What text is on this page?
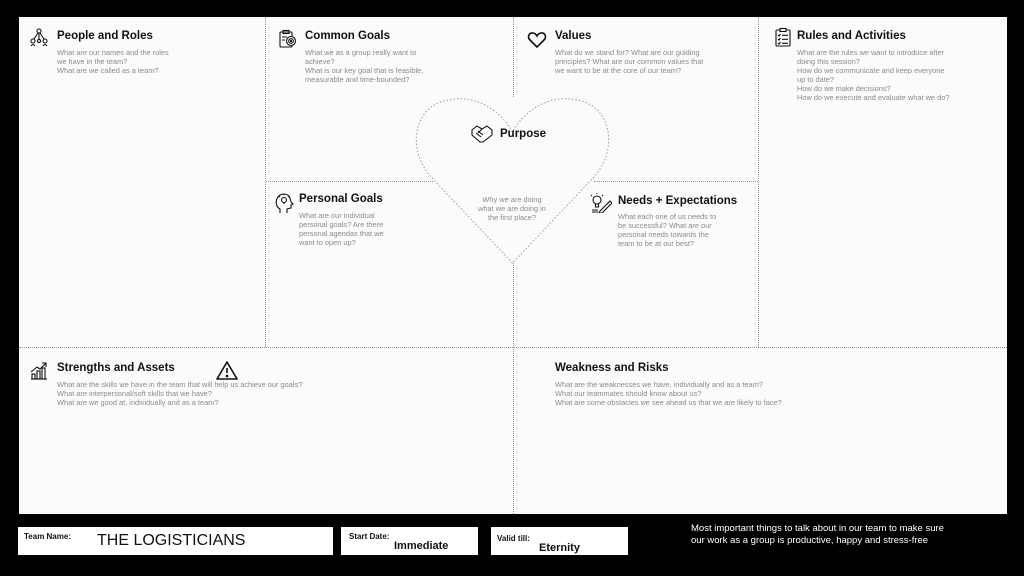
People and Roles
What are our names and the roles
we have in the team?
What are we called as a team?
Common Goals
What we as a group really want to
achieve?
What is our key goal that is feasible,
measurable and time-bounded?
Values
What do we stand for? What are our guiding
principles? What are our common values that
we want to be at the core of our team?
Rules and Activities
What are the rules we want to introduce after
doing this session?
How do we communicate and keep everyone
up to date?
How do we make decisions?
How do we execute and evaluate what we do?
Purpose
Why we are doing
what we are doing in
the first place?
Personal Goals
What are our individual
personal goals? Are there
personal agendas that we
want to open up?
Needs + Expectations
What each one of us needs to
be successful? What are our
personal needs towards the
team to be at our best?
Strengths and Assets
What are the skills we have in the team that will help us achieve our goals?
What are interpersonal/soft skills that we have?
What are we good at, individually and as a team?
Weakness and Risks
What are the weaknesses we have, individually and as a team?
What our teammates should know about us?
What are some obstacles we see ahead us that we are likely to face?
Team Name: THE LOGISTICIANS	Start Date:
Immediate
Valid till:
Eternity
Most important things to talk about in our team to make sure our work as a group is productive, happy and stress-free
